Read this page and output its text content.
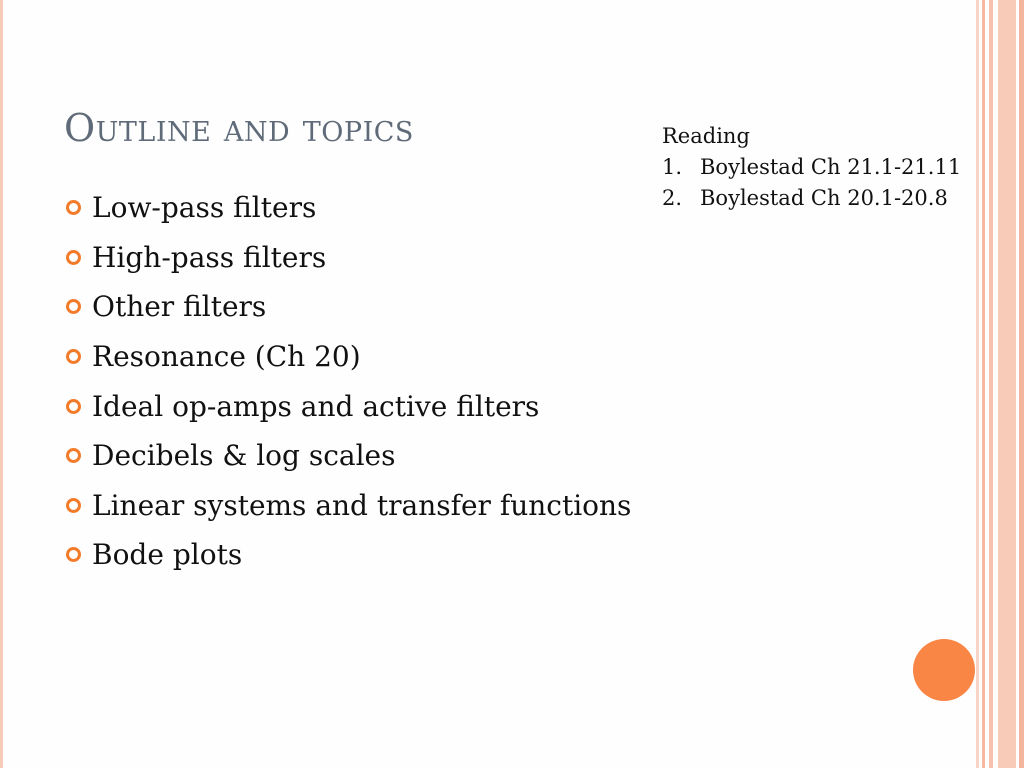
Outline and topics	Reading
1. Boylestad Ch 21.1-21.11
2. Boylestad Ch 20.1-20.8
Low-pass filters
High-pass filters
Other filters
Resonance (Ch 20)
Ideal op-amps and active filters
Decibels & log scales
Linear systems and transfer functions
Bode plots
